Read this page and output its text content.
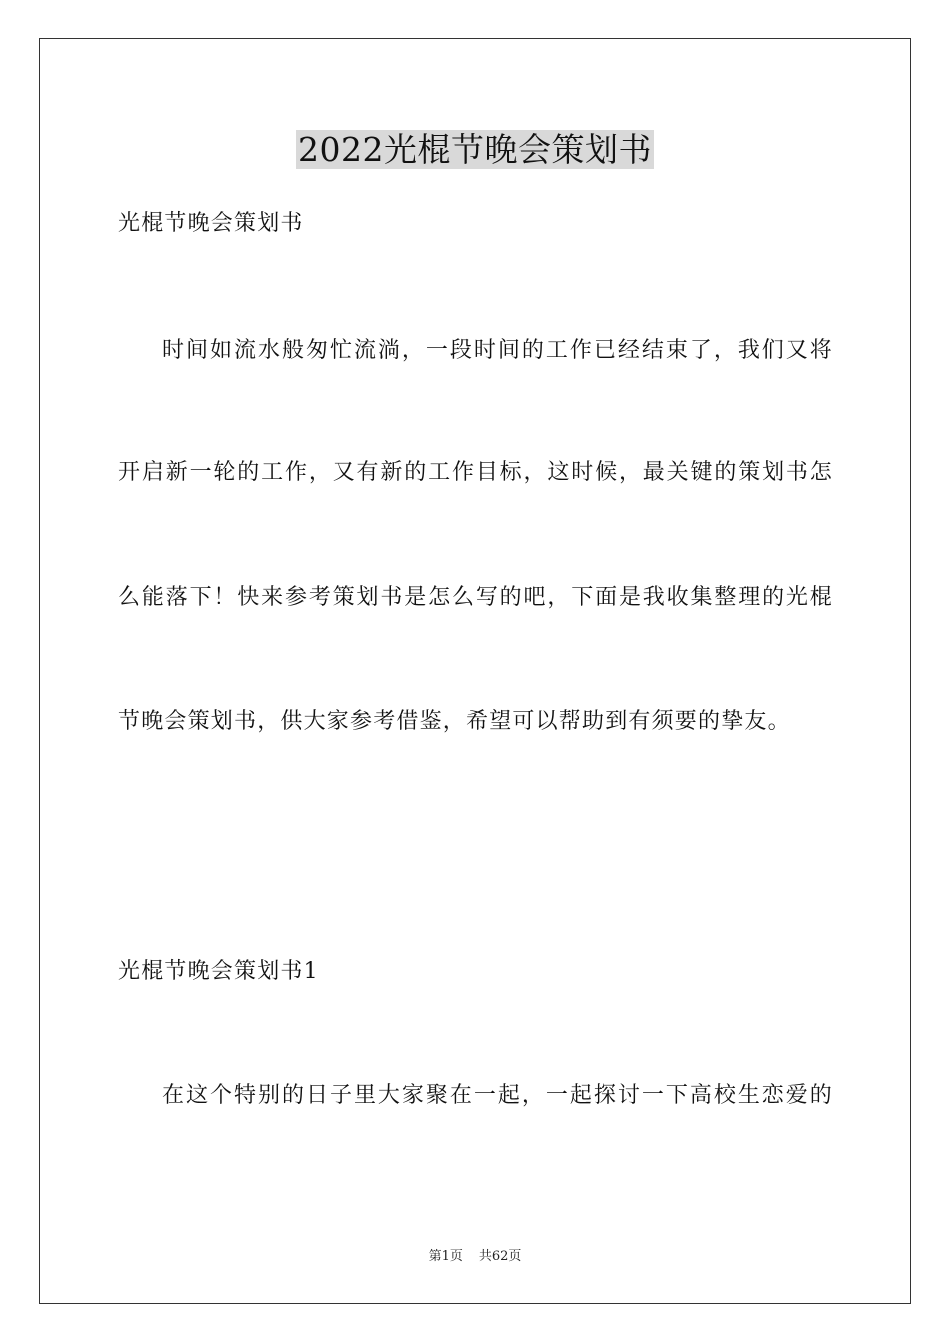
2022光棍节晚会策划书
光棍节晚会策划书
时间如流水般匆忙流淌，一段时间的工作已经结束了，我们又将
开启新一轮的工作，又有新的工作目标，这时候，最关键的策划书怎
么能落下！快来参考策划书是怎么写的吧，下面是我收集整理的光棍
节晚会策划书，供大家参考借鉴，希望可以帮助到有须要的挚友。
光棍节晚会策划书1
在这个特别的日子里大家聚在一起，一起探讨一下高校生恋爱的
第1页 共62页
